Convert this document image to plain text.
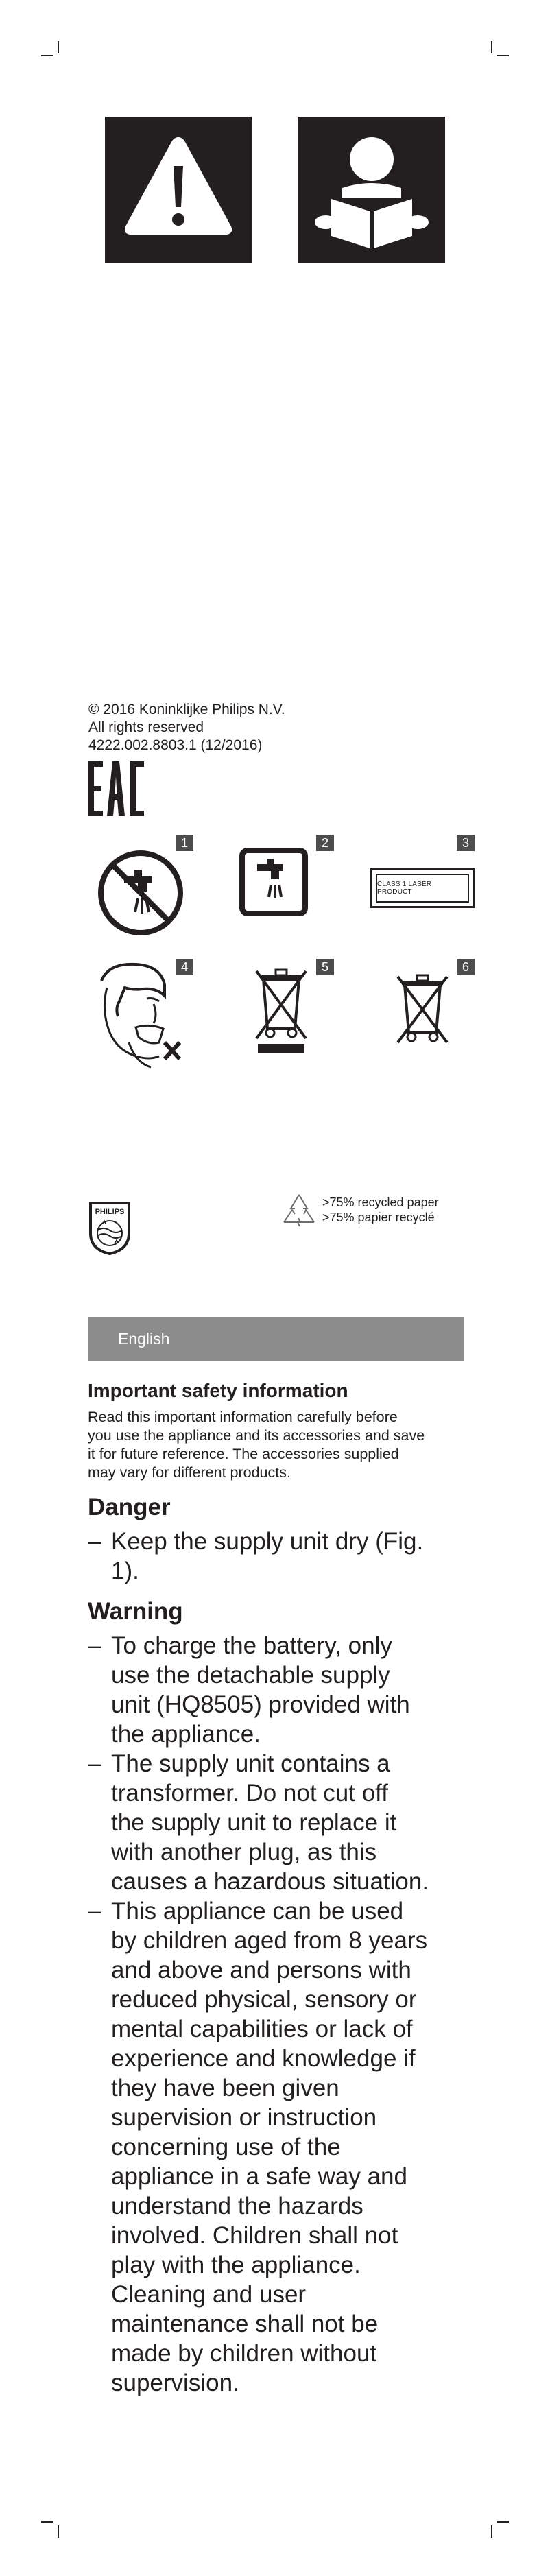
© 2016 Koninklijke Philips N.V.
All rights reserved
4222.002.8803.1 (12/2016)
1	2
CLASS 1 LASER PRODUCT
3
4	5	6
PHILIPS
>75% recycled paper
>75% papier recyclé
English
Important safety information
Read this important information carefully before
you use the appliance and its accessories and save
it for future reference. The accessories supplied
may vary for different products.
Danger
– Keep the supply unit dry (Fig.
1).
Warning
– To charge the battery, only
use the detachable supply
unit (HQ8505) provided with
the appliance.
– The supply unit contains a
transformer. Do not cut off
the supply unit to replace it
with another plug, as this
causes a hazardous situation.
– This appliance can be used
by children aged from 8 years
and above and persons with
reduced physical, sensory or
mental capabilities or lack of
experience and knowledge if
they have been given
supervision or instruction
concerning use of the
appliance in a safe way and
understand the hazards
involved. Children shall not
play with the appliance.
Cleaning and user
maintenance shall not be
made by children without
supervision.
